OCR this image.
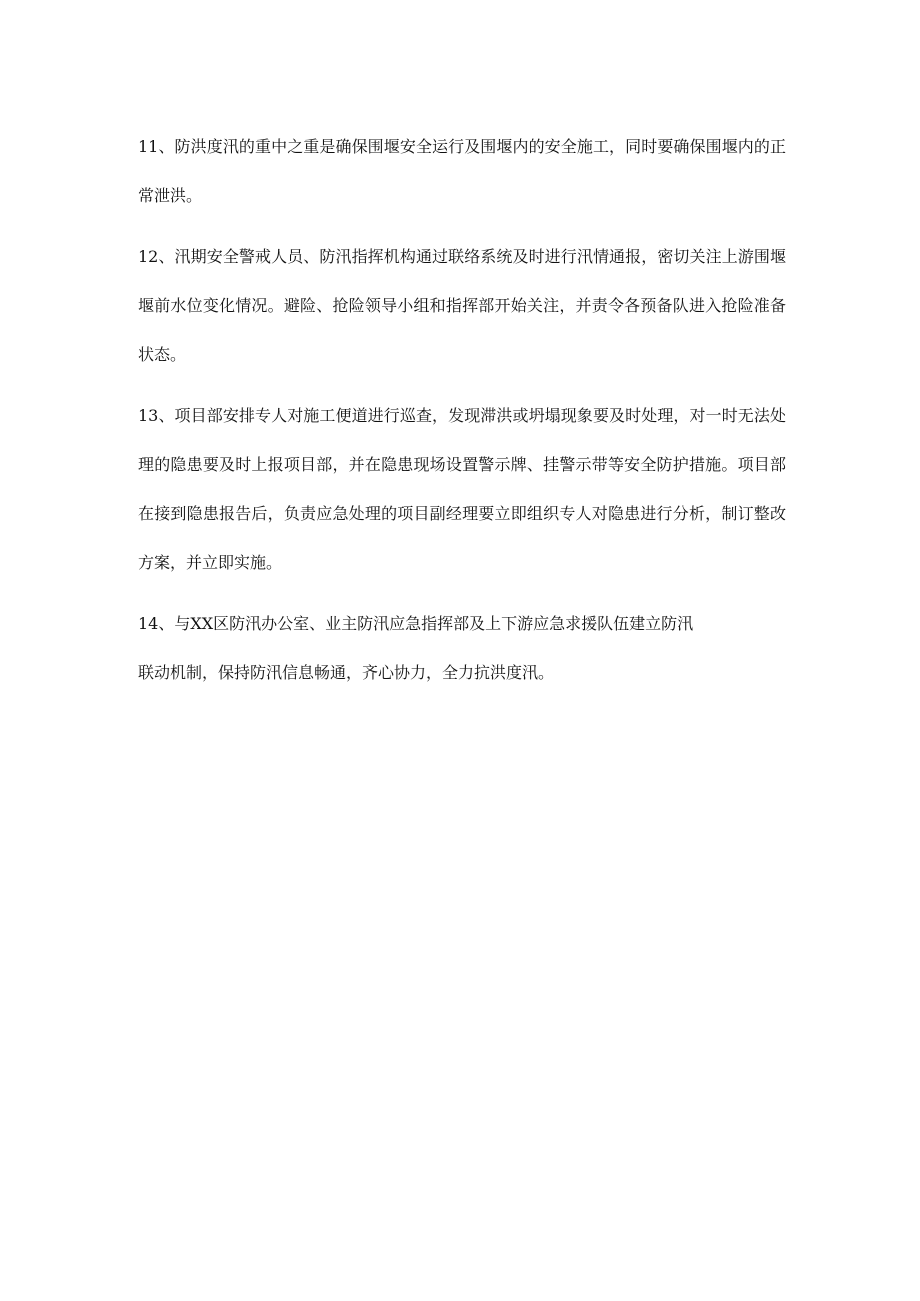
11、防洪度汛的重中之重是确保围堰安全运行及围堰内的安全施工，同时要确保围堰内的正常泄洪。

12、汛期安全警戒人员、防汛指挥机构通过联络系统及时进行汛情通报，密切关注上游围堰堰前水位变化情况。避险、抢险领导小组和指挥部开始关注，并责令各预备队进入抢险准备状态。

13、项目部安排专人对施工便道进行巡查，发现滞洪或坍塌现象要及时处理，对一时无法处理的隐患要及时上报项目部，并在隐患现场设置警示牌、挂警示带等安全防护措施。项目部在接到隐患报告后，负责应急处理的项目副经理要立即组织专人对隐患进行分析，制订整改方案，并立即实施。

14、与XX区防汛办公室、业主防汛应急指挥部及上下游应急求援队伍建立防汛

联动机制，保持防汛信息畅通，齐心协力，全力抗洪度汛。
